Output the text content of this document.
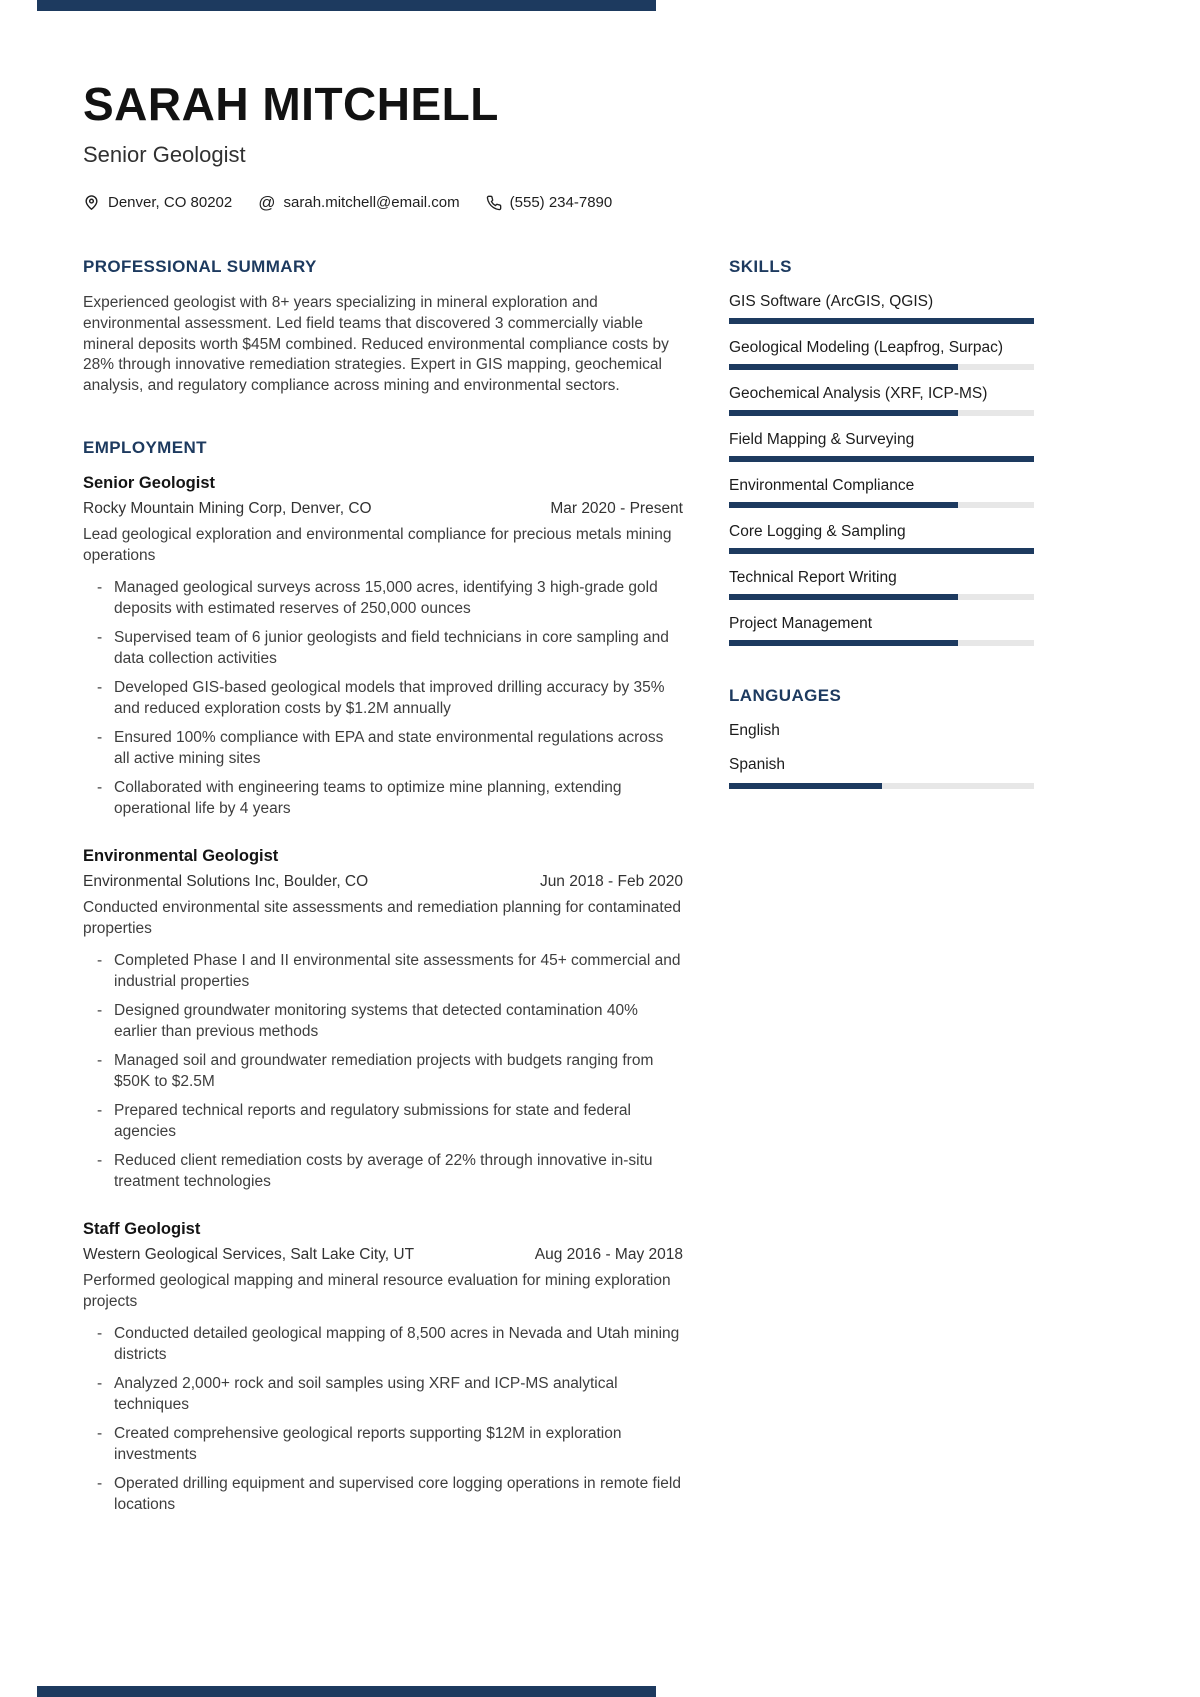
SARAH MITCHELL

Senior Geologist

Denver, CO 80202 @ sarah.mitchell@email.com	(555) 234-7890
PROFESSIONAL SUMMARY

Experienced geologist with 8+ years specializing in mineral exploration and environmental assessment. Led field teams that discovered 3 commercially viable mineral deposits worth $45M combined. Reduced environmental compliance costs by 28% through innovative remediation strategies. Expert in GIS mapping, geochemical analysis, and regulatory compliance across mining and environmental sectors.

EMPLOYMENT
Senior Geologist
Rocky Mountain Mining Corp, Denver, CO	Mar 2020 - Present

Lead geological exploration and environmental compliance for precious metals mining operations

- Managed geological surveys across 15,000 acres, identifying 3 high-grade gold deposits with estimated reserves of 250,000 ounces
- Supervised team of 6 junior geologists and field technicians in core sampling and data collection activities
- Developed GIS-based geological models that improved drilling accuracy by 35% and reduced exploration costs by $1.2M annually
- Ensured 100% compliance with EPA and state environmental regulations across all active mining sites
- Collaborated with engineering teams to optimize mine planning, extending operational life by 4 years
Environmental Geologist
Environmental Solutions Inc, Boulder, CO	Jun 2018 - Feb 2020

Conducted environmental site assessments and remediation planning for contaminated properties

- Completed Phase I and II environmental site assessments for 45+ commercial and industrial properties
- Designed groundwater monitoring systems that detected contamination 40% earlier than previous methods
- Managed soil and groundwater remediation projects with budgets ranging from $50K to $2.5M
- Prepared technical reports and regulatory submissions for state and federal agencies
- Reduced client remediation costs by average of 22% through innovative in-situ treatment technologies
Staff Geologist
Western Geological Services, Salt Lake City, UT	Aug 2016 - May 2018

Performed geological mapping and mineral resource evaluation for mining exploration projects

- Conducted detailed geological mapping of 8,500 acres in Nevada and Utah mining districts
- Analyzed 2,000+ rock and soil samples using XRF and ICP-MS analytical techniques
- Created comprehensive geological reports supporting $12M in exploration investments
- Operated drilling equipment and supervised core logging operations in remote field locations
SKILLS
GIS Software (ArcGIS, QGIS)
Geological Modeling (Leapfrog, Surpac)
Geochemical Analysis (XRF, ICP-MS)
Field Mapping & Surveying
Environmental Compliance
Core Logging & Sampling
Technical Report Writing
Project Management
LANGUAGES
English
Spanish
